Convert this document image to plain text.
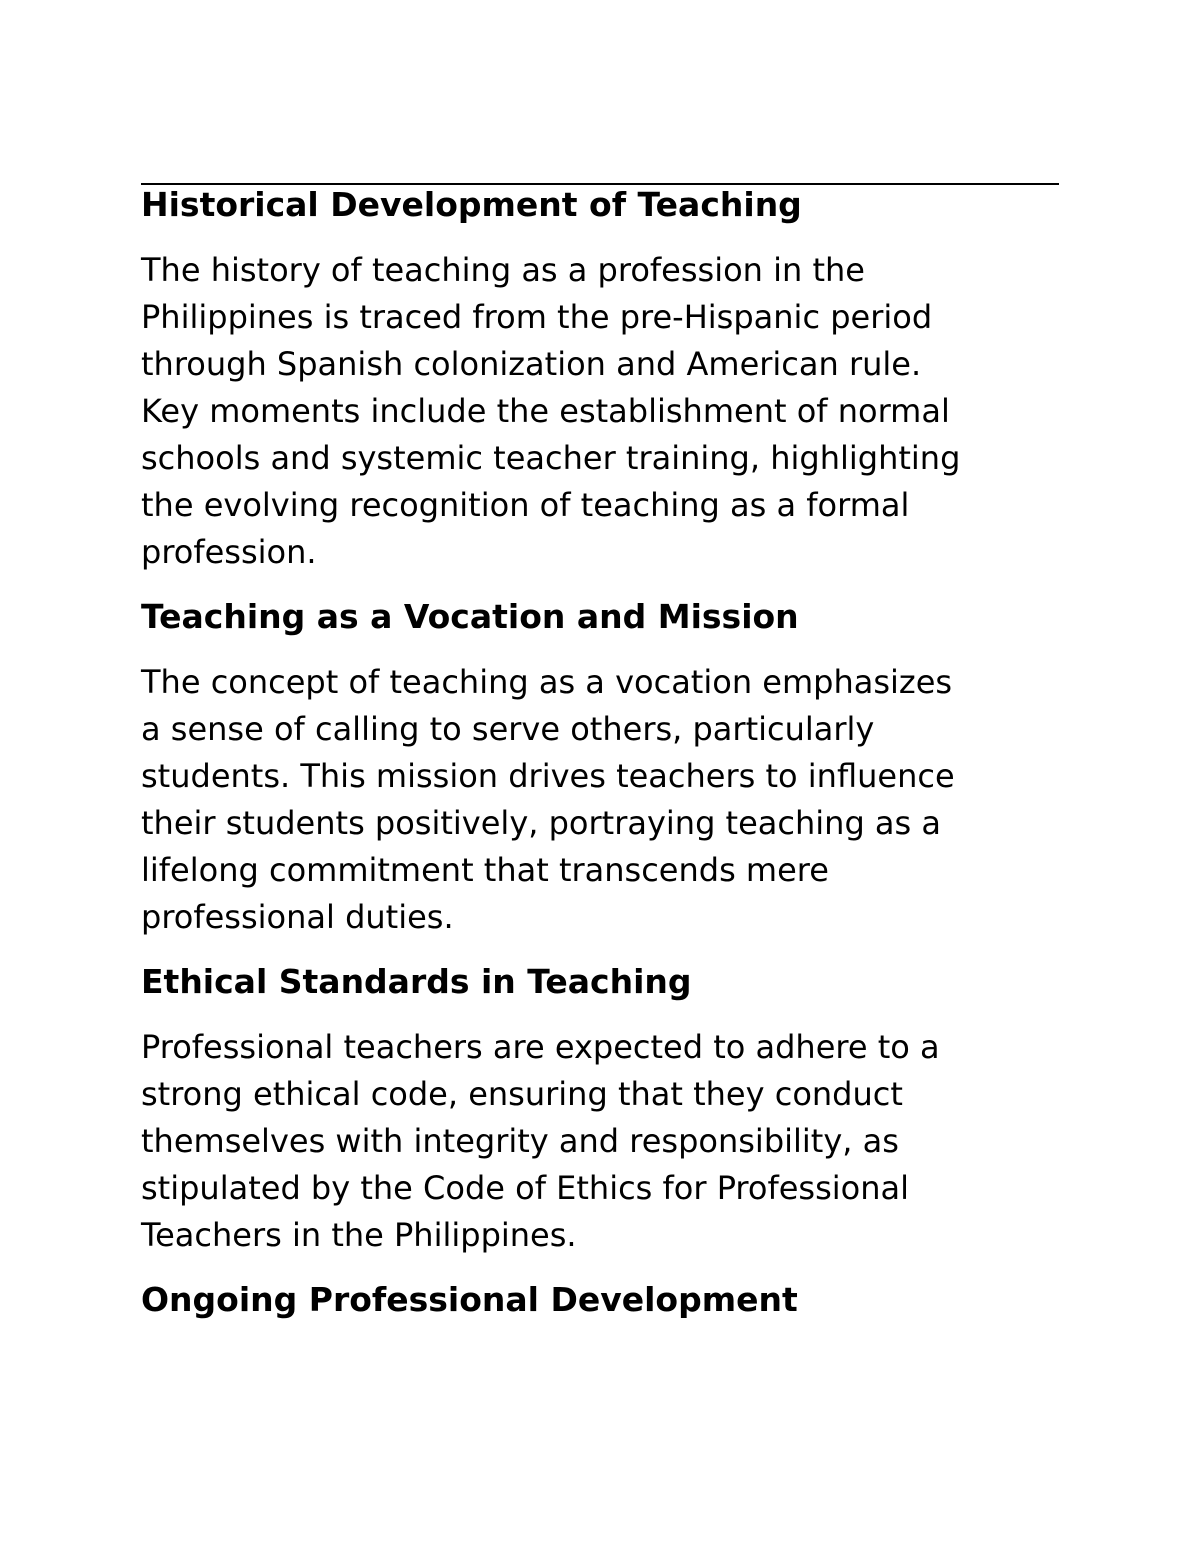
Historical Development of Teaching

The history of teaching as a profession in the
Philippines is traced from the pre-Hispanic period
through Spanish colonization and American rule.
Key moments include the establishment of normal
schools and systemic teacher training, highlighting
the evolving recognition of teaching as a formal
profession.

Teaching as a Vocation and Mission

The concept of teaching as a vocation emphasizes
a sense of calling to serve others, particularly
students. This mission drives teachers to influence
their students positively, portraying teaching as a
lifelong commitment that transcends mere
professional duties.

Ethical Standards in Teaching

Professional teachers are expected to adhere to a
strong ethical code, ensuring that they conduct
themselves with integrity and responsibility, as
stipulated by the Code of Ethics for Professional
Teachers in the Philippines.

Ongoing Professional Development
